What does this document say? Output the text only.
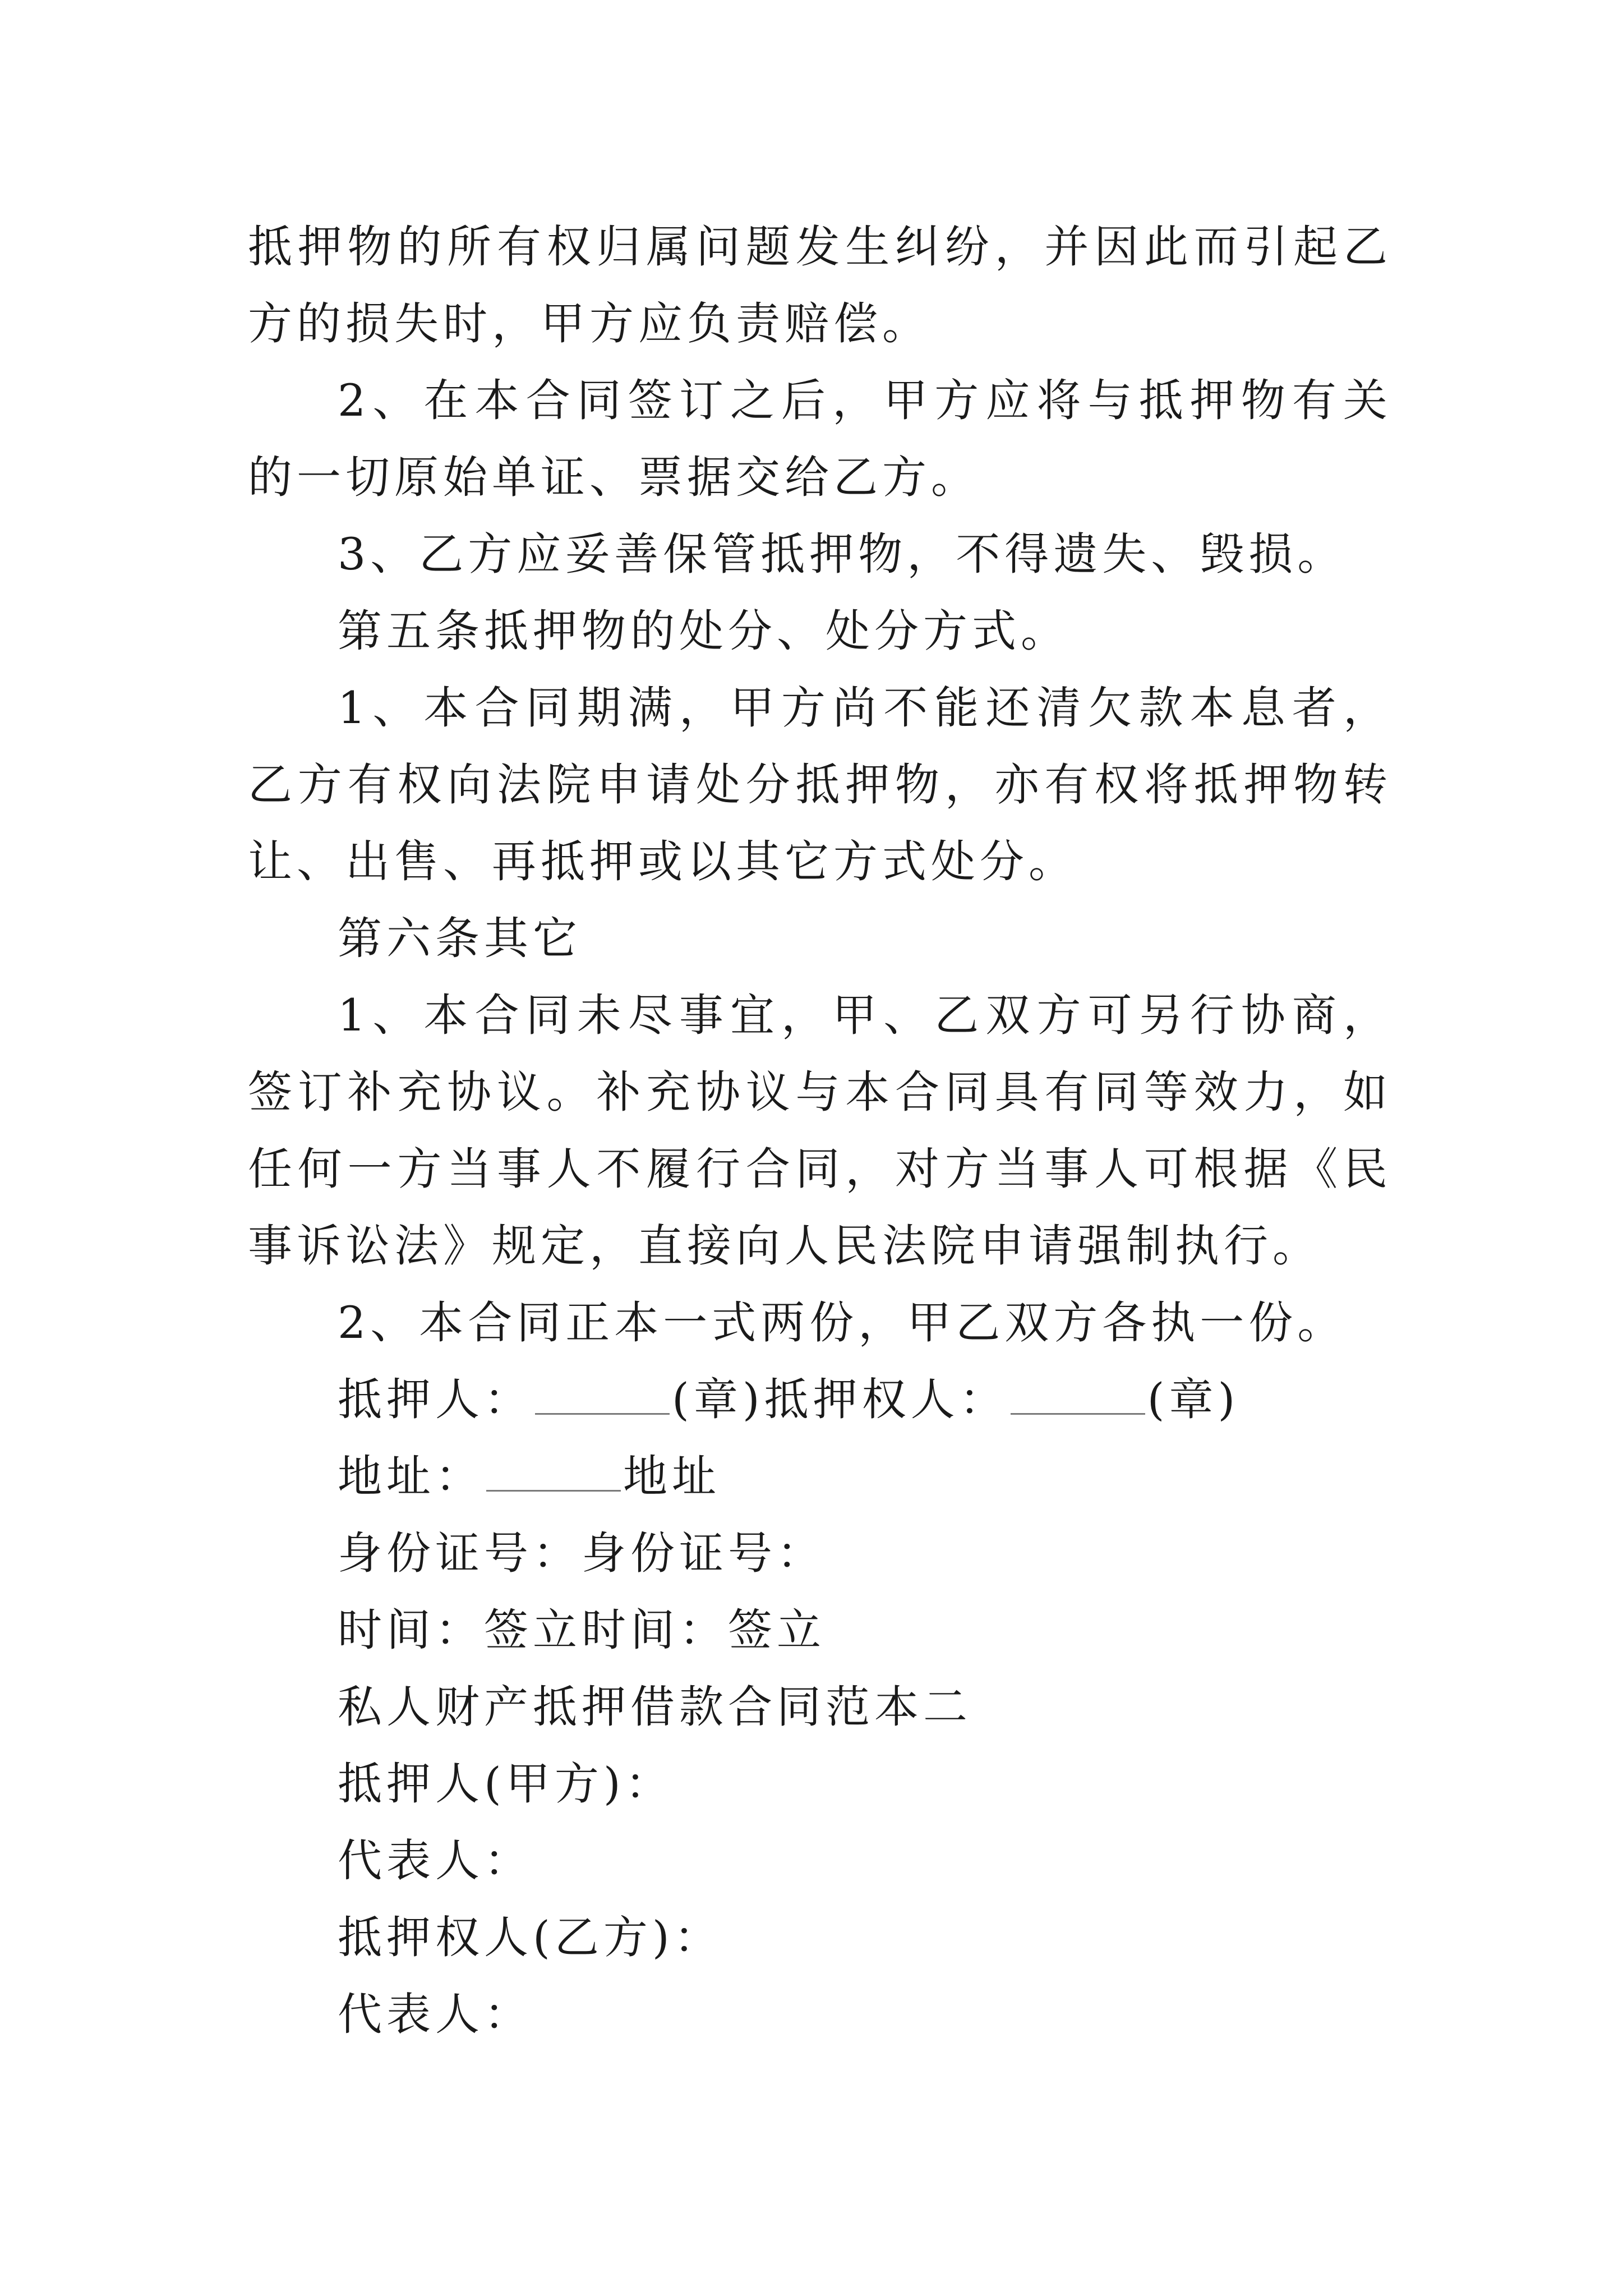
抵押物的所有权归属问题发生纠纷，并因此而引起乙方的损失时，甲方应负责赔偿。

2、在本合同签订之后，甲方应将与抵押物有关的一切原始单证、票据交给乙方。

3、乙方应妥善保管抵押物，不得遗失、毁损。

第五条抵押物的处分、处分方式。

1、本合同期满，甲方尚不能还清欠款本息者，乙方有权向法院申请处分抵押物，亦有权将抵押物转让、出售、再抵押或以其它方式处分。

第六条其它

1、本合同未尽事宜，甲、乙双方可另行协商，签订补充协议。补充协议与本合同具有同等效力，如任何一方当事人不履行合同，对方当事人可根据《民事诉讼法》规定，直接向人民法院申请强制执行。

2、本合同正本一式两份，甲乙双方各执一份。

抵押人：	(章)抵押权人：	(章)

地址：	地址

身份证号：身份证号：

时间：签立时间：签立

私人财产抵押借款合同范本二

抵押人(甲方)：

代表人：

抵押权人(乙方)：

代表人：
